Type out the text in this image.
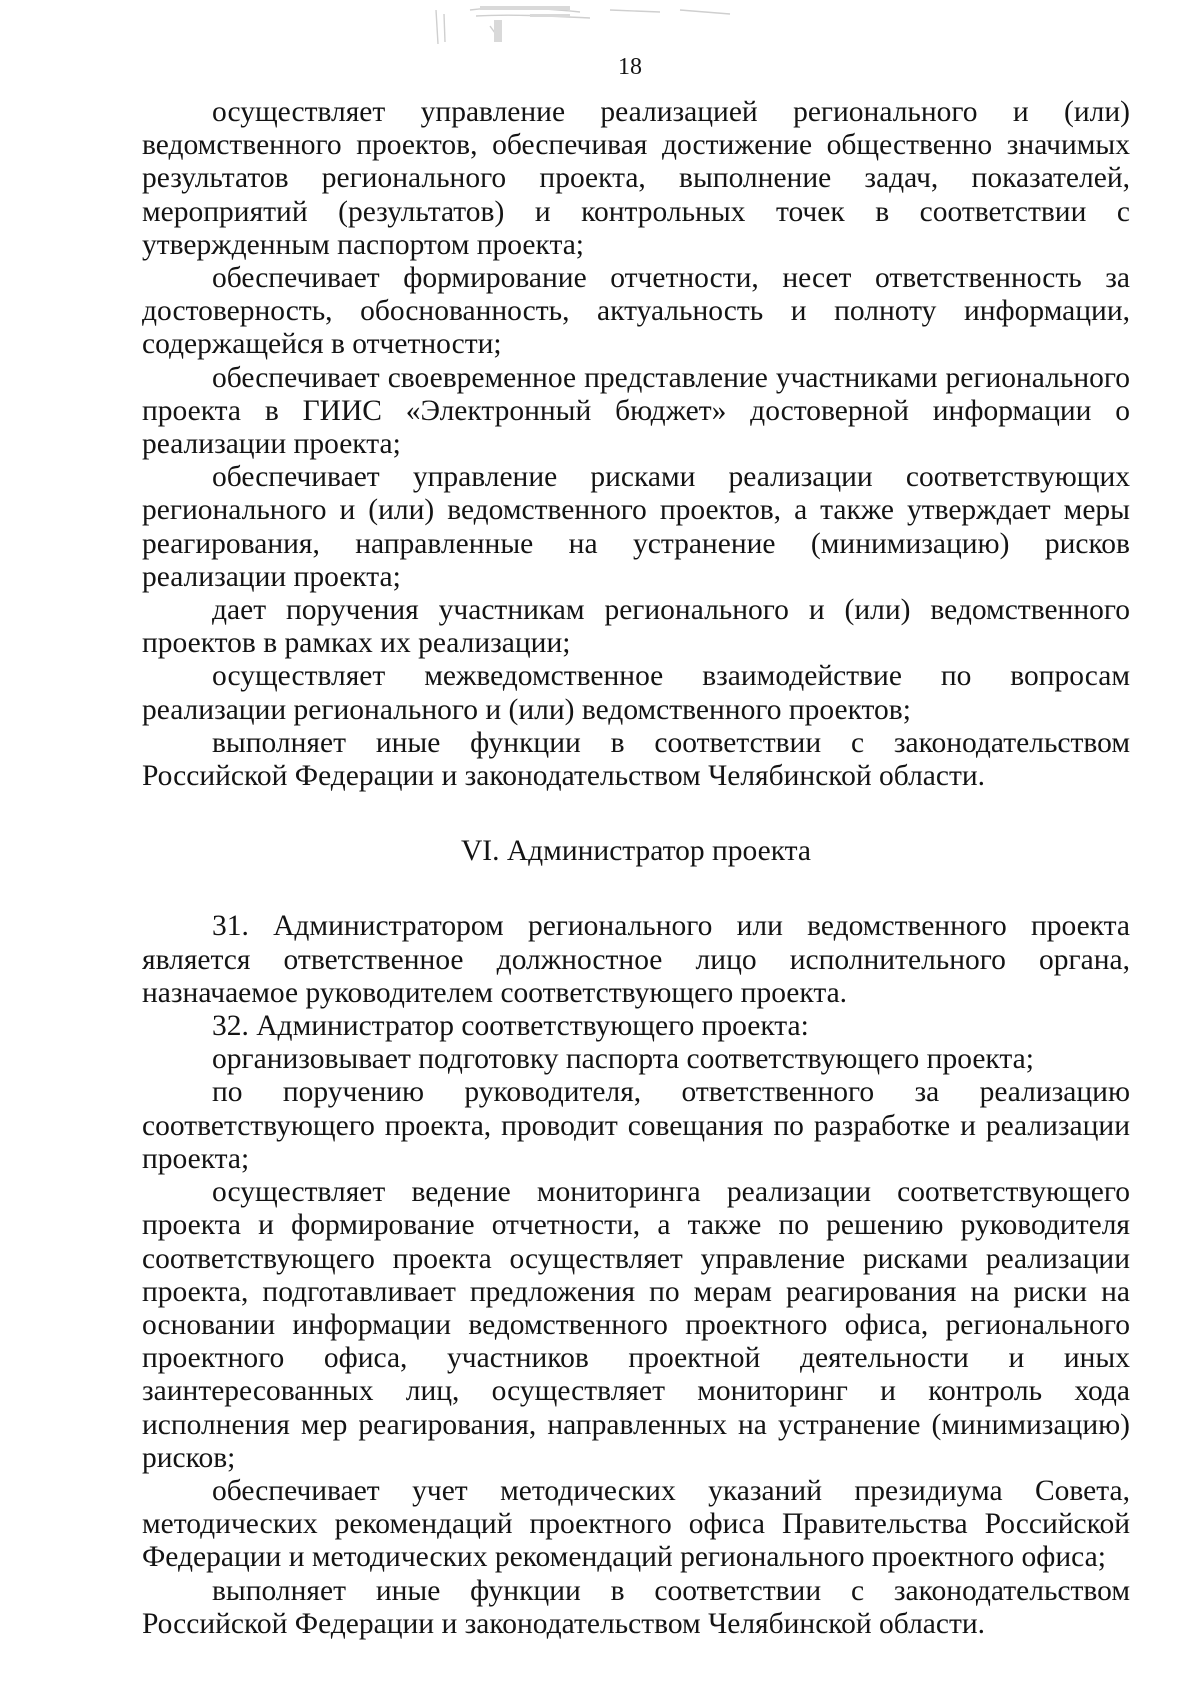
18

осуществляет управление реализацией регионального и (или) ведомственного проектов, обеспечивая достижение общественно значимых результатов регионального проекта, выполнение задач, показателей, мероприятий (результатов) и контрольных точек в соответствии с утвержденным паспортом проекта;

обеспечивает формирование отчетности, несет ответственность за достоверность, обоснованность, актуальность и полноту информации, содержащейся в отчетности;

обеспечивает своевременное представление участниками регионального проекта в ГИИС «Электронный бюджет» достоверной информации о реализации проекта;

обеспечивает управление рисками реализации соответствующих регионального и (или) ведомственного проектов, а также утверждает меры реагирования, направленные на устранение (минимизацию) рисков реализации проекта;

дает поручения участникам регионального и (или) ведомственного проектов в рамках их реализации;

осуществляет межведомственное взаимодействие по вопросам реализации регионального и (или) ведомственного проектов;

выполняет иные функции в соответствии с законодательством Российской Федерации и законодательством Челябинской области.

VI. Администратор проекта

31. Администратором регионального или ведомственного проекта является ответственное должностное лицо исполнительного органа, назначаемое руководителем соответствующего проекта.

32. Администратор соответствующего проекта:

организовывает подготовку паспорта соответствующего проекта;

по поручению руководителя, ответственного за реализацию соответствующего проекта, проводит совещания по разработке и реализации проекта;

осуществляет ведение мониторинга реализации соответствующего проекта и формирование отчетности, а также по решению руководителя соответствующего проекта осуществляет управление рисками реализации проекта, подготавливает предложения по мерам реагирования на риски на основании информации ведомственного проектного офиса, регионального проектного офиса, участников проектной деятельности и иных заинтересованных лиц, осуществляет мониторинг и контроль хода исполнения мер реагирования, направленных на устранение (минимизацию) рисков;

обеспечивает учет методических указаний президиума Совета, методических рекомендаций проектного офиса Правительства Российской Федерации и методических рекомендаций регионального проектного офиса;

выполняет иные функции в соответствии с законодательством Российской Федерации и законодательством Челябинской области.
